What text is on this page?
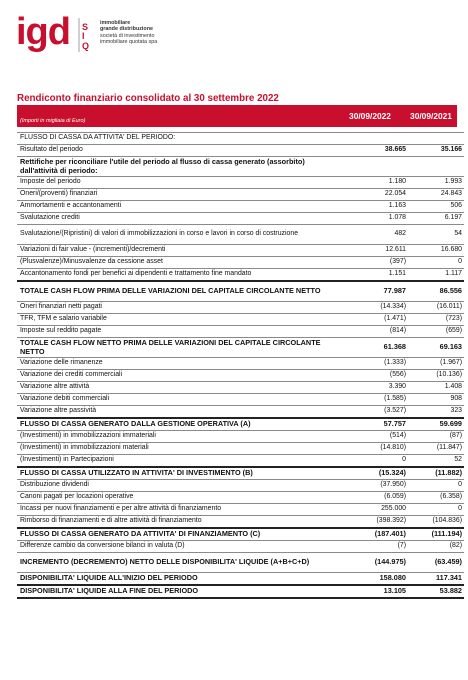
igd S
I
Q
immobiliare
grande distribuzione
società di investimento
immobiliare quotata spa
Rendiconto finanziario consolidato al 30 settembre 2022
(Importi in migliaia di Euro)	30/09/2022	30/09/2021
FLUSSO DI CASSA DA ATTIVITA' DEL PERIODO:		
Risultato del periodo	38.665	35.166
Rettifiche per riconciliare l'utile del periodo al flusso di cassa generato (assorbito) dall'attività di periodo:		
Imposte del periodo	1.180	1.993
Oneri/(proventi) finanziari	22.054	24.843
Ammortamenti e accantonamenti	1.163	506
Svalutazione crediti	1.078	6.197
Svalutazione/(Ripristini) di valori di immobilizzazioni in corso e lavori in corso di costruzione	482	54
Variazioni di fair value - (incrementi)/decrementi	12.611	16.680
(Plusvalenze)/Minusvalenze da cessione asset	(397)	0
Accantonamento fondi per benefici ai dipendenti e trattamento fine mandato	1.151	1.117
TOTALE CASH FLOW PRIMA DELLE VARIAZIONI DEL CAPITALE CIRCOLANTE NETTO	77.987	86.556
Oneri finanziari netti pagati	(14.334)	(16.011)
TFR, TFM e salario variabile	(1.471)	(723)
Imposte sul reddito pagate	(814)	(659)
TOTALE CASH FLOW NETTO PRIMA DELLE VARIAZIONI DEL CAPITALE CIRCOLANTE NETTO	61.368	69.163
Variazione delle rimanenze	(1.333)	(1.967)
Variazione dei crediti commerciali	(556)	(10.136)
Variazione altre attività	3.390	1.408
Variazione debiti commerciali	(1.585)	908
Variazione altre passività	(3.527)	323
FLUSSO DI CASSA GENERATO DALLA GESTIONE OPERATIVA (A)	57.757	59.699
(Investimenti) in immobilizzazioni immateriali	(514)	(87)
(Investimenti) in immobilizzazioni materiali	(14.810)	(11.847)
(Investimenti) in Partecipazioni	0	52
FLUSSO DI CASSA UTILIZZATO IN ATTIVITA' DI INVESTIMENTO (B)	(15.324)	(11.882)
Distribuzione dividendi	(37.950)	0
Canoni pagati per locazioni operative	(6.059)	(6.358)
Incassi per nuovi finanziamenti e per altre attività di finanziamento	255.000	0
Rimborso di finanziamenti e di altre attività di finanziamento	(398.392)	(104.836)
FLUSSO DI CASSA GENERATO DA ATTIVITA' DI FINANZIAMENTO (C)	(187.401)	(111.194)
Differenze cambio da conversione bilanci in valuta (D)	(7)	(82)
INCREMENTO (DECREMENTO) NETTO DELLE DISPONIBILITA' LIQUIDE (A+B+C+D)	(144.975)	(63.459)
DISPONIBILITA' LIQUIDE ALL'INIZIO DEL PERIODO	158.080	117.341
DISPONIBILITA' LIQUIDE ALLA FINE DEL PERIODO	13.105	53.882
